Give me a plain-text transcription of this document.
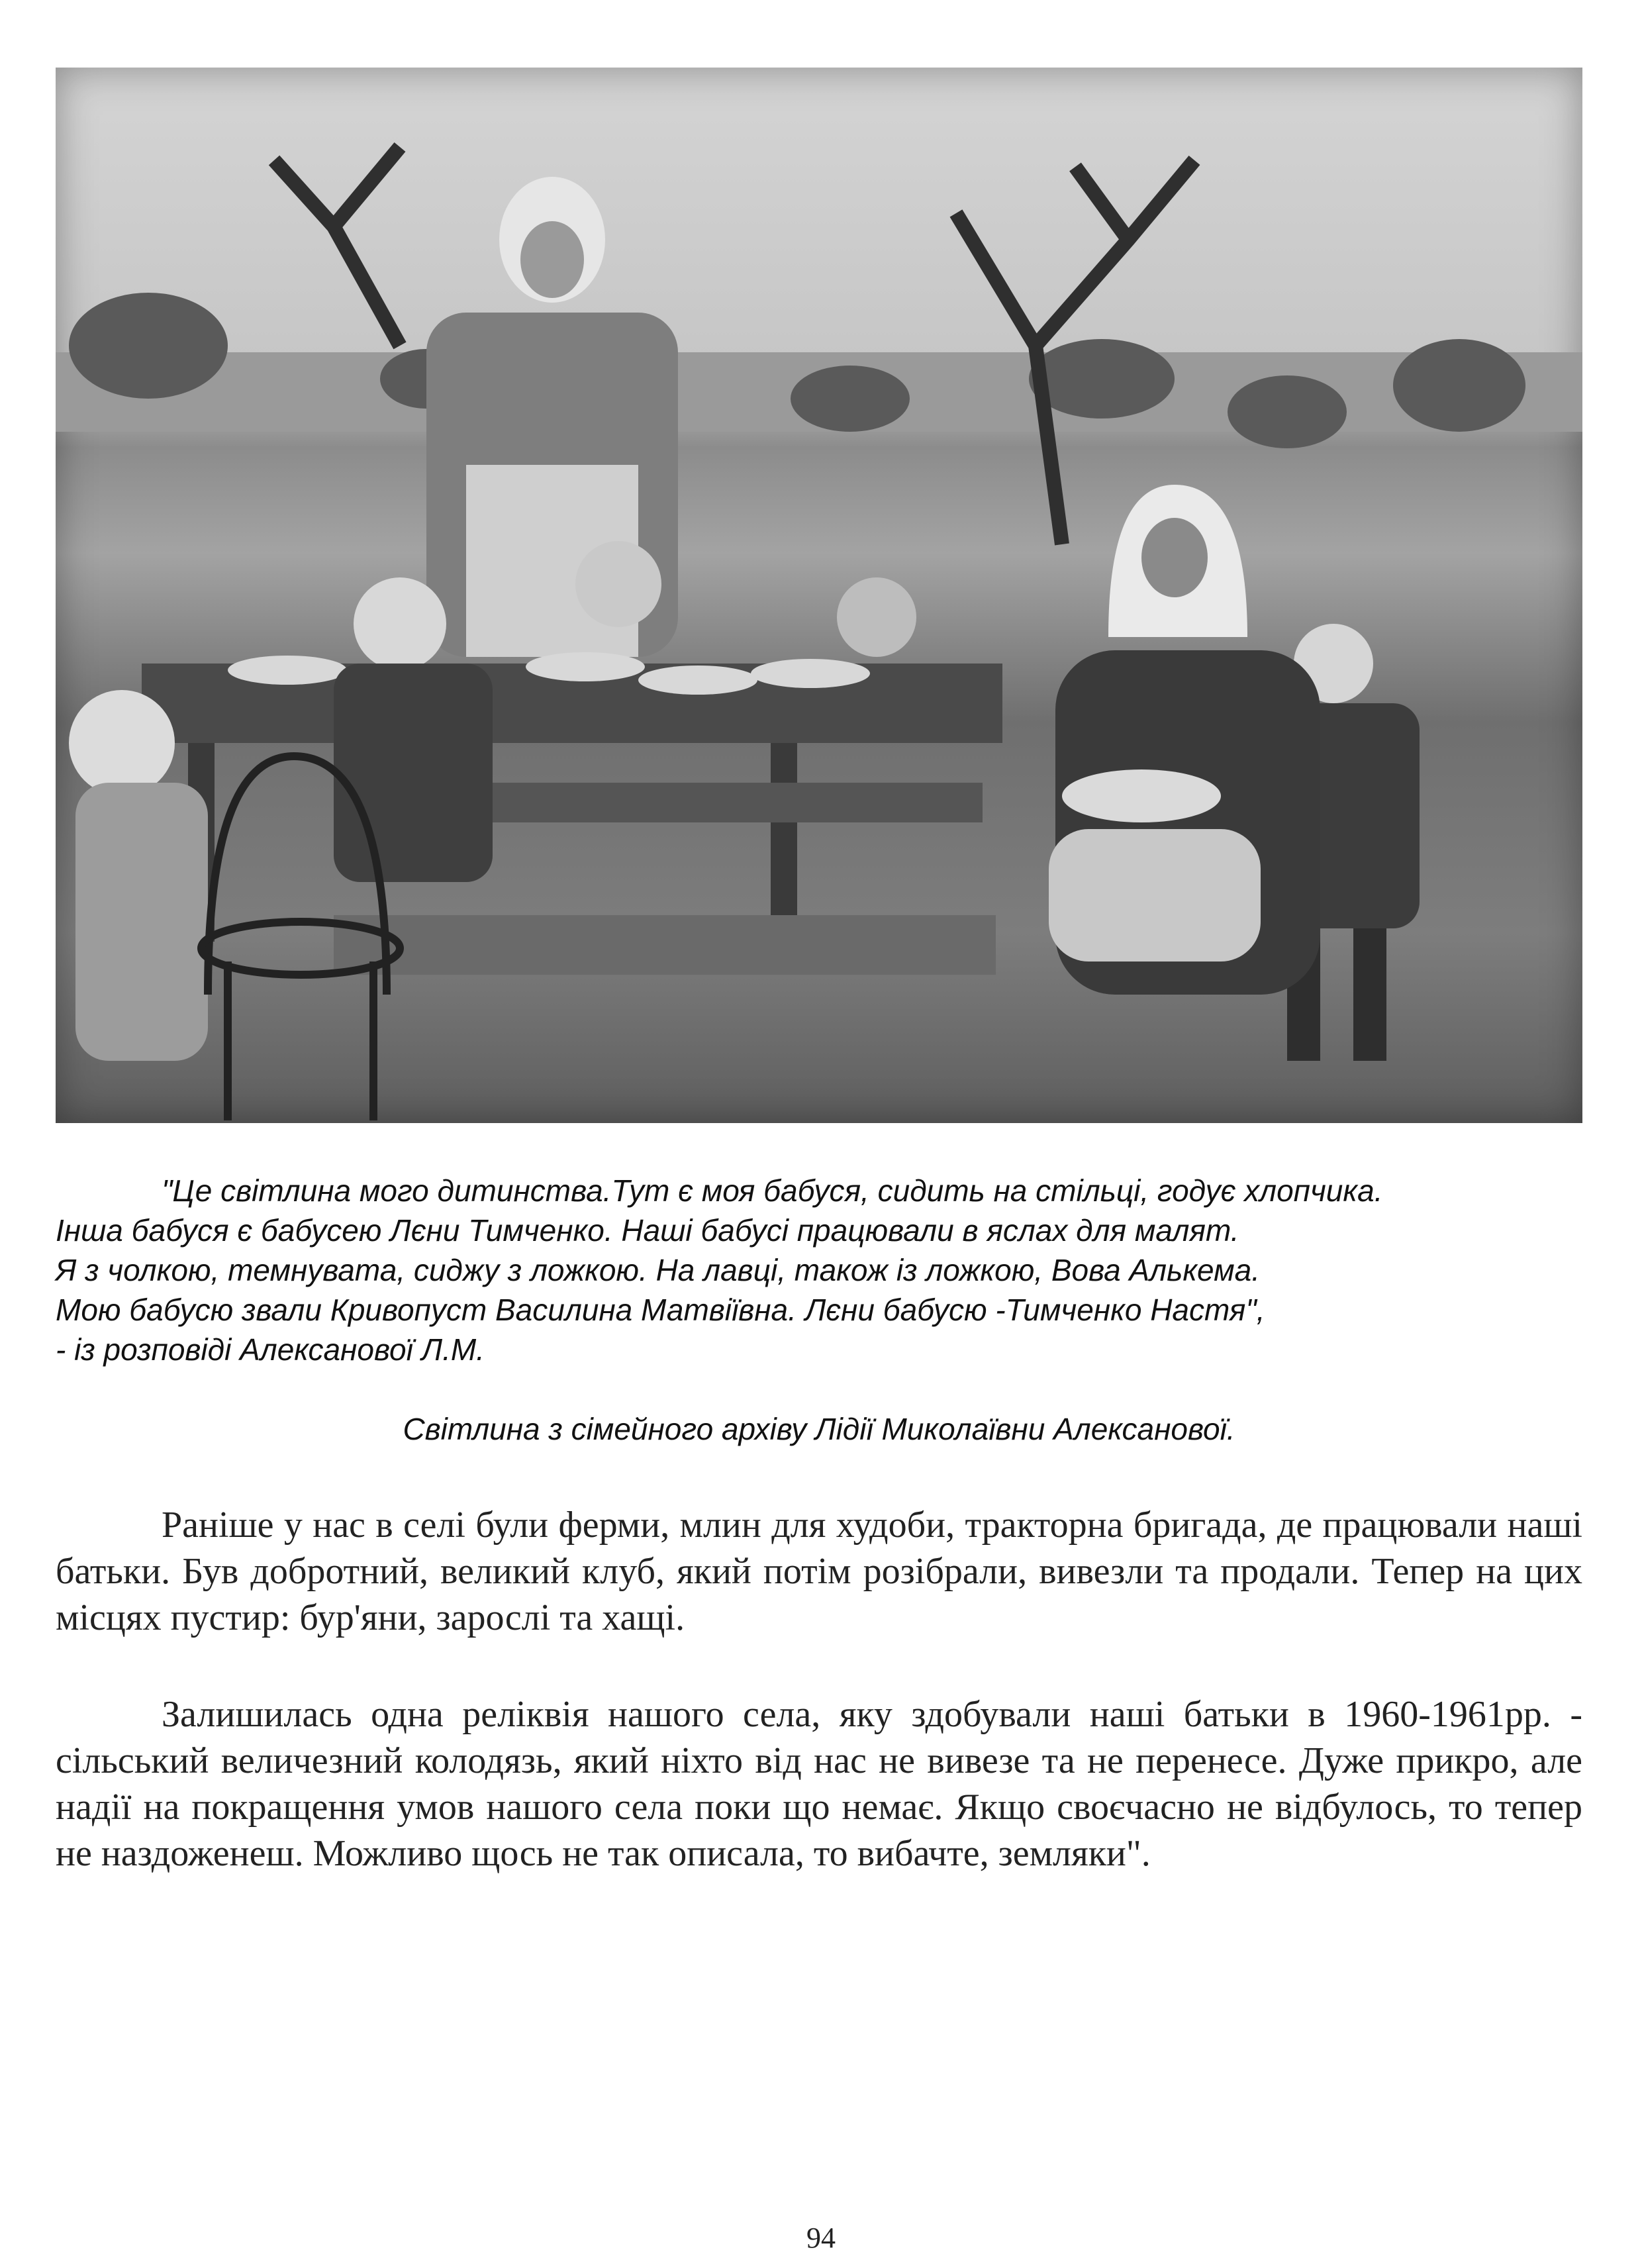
"Це світлина мого дитинства.Тут є моя бабуся, сидить на стільці, годує хлопчика.

Інша бабуся є бабусею Лєни Тимченко. Наші бабусі працювали в яслах для малят.

Я з чолкою, темнувата, сиджу з ложкою. На лавці, також із ложкою, Вова Алькема.

Мою бабусю звали Кривопуст Василина Матвіївна. Лєни бабусю -Тимченко Настя",

- із розповіді Алексанової Л.М.

Світлина з сімейного архіву Лідії Миколаївни Алексанової.

Раніше у нас в селі були ферми, млин для худоби, тракторна бригада, де працювали наші батьки. Був добротний, великий клуб, який потім розібрали, вивезли та продали. Тепер на цих місцях пустир: бур'яни, зарослі та хащі.

Залишилась одна реліквія нашого села, яку здобували наші батьки в 1960-1961рр. - сільський величезний колодязь, який ніхто від нас не вивезе та не перенесе. Дуже прикро, але надії на покращення умов нашого села поки що немає. Якщо своєчасно не відбулось, то тепер не наздоженеш. Можливо щось не так описала, то вибачте, земляки".

94
